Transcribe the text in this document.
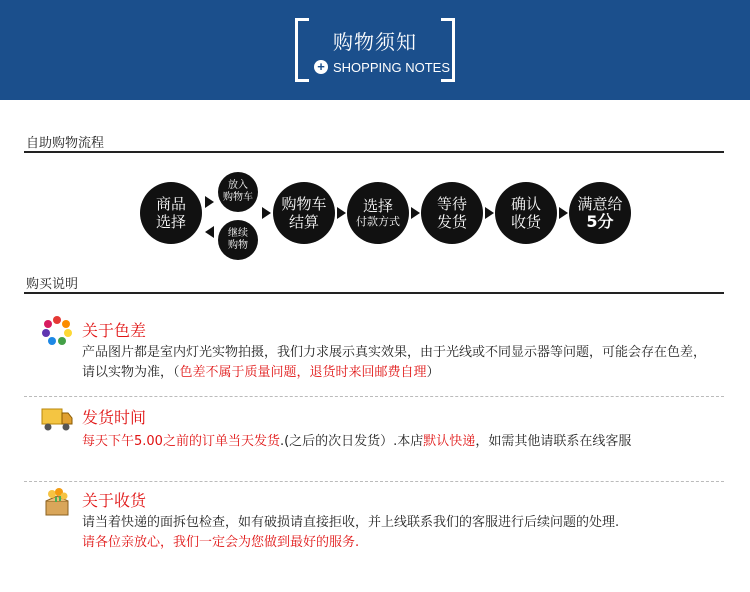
购物须知
+ SHOPPING NOTES
自助购物流程
商品
选择
放入
购物车
继续
购物
购物车
结算
选择
付款方式
等待
发货
确认
收货
满意给
5分
购买说明
关于色差
产品图片都是室内灯光实物拍摄，我们力求展示真实效果，由于光线或不同显示器等问题，可能会存在色差，请以实物为准，（色差不属于质量问题，退货时来回邮费自理）
发货时间
每天下午5.00之前的订单当天发货.(之后的次日发货）.本店默认快递，如需其他请联系在线客服
关于收货
请当着快递的面拆包检查，如有破损请直接拒收，并上线联系我们的客服进行后续问题的处理.
请各位亲放心，我们一定会为您做到最好的服务.
